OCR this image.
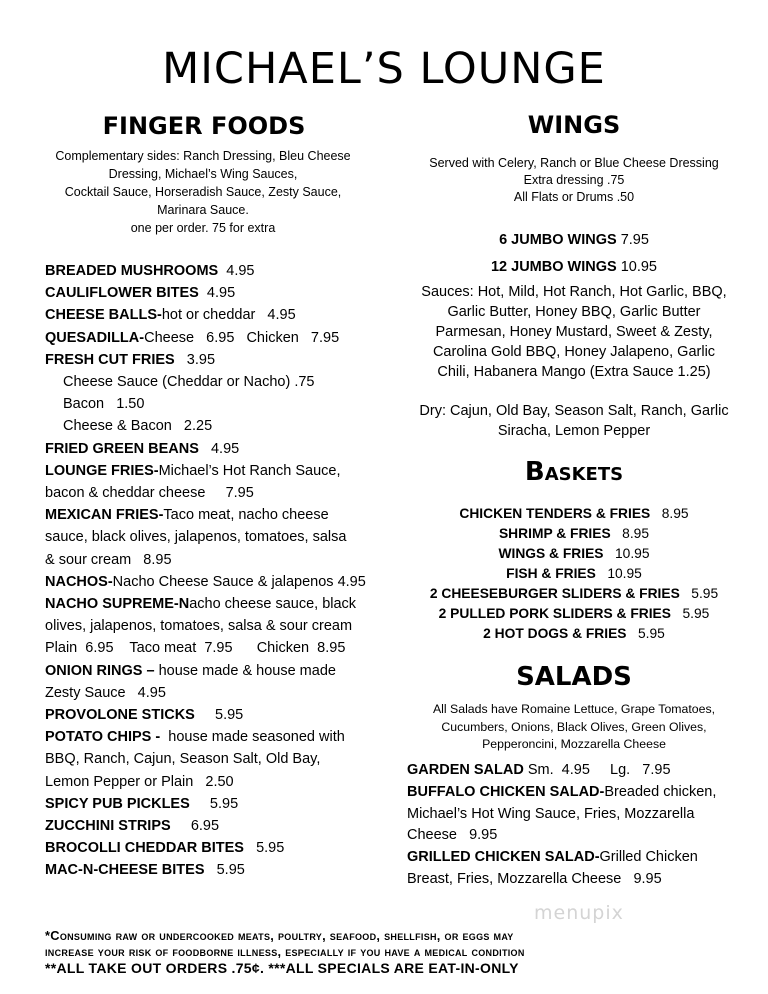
MICHAEL’S LOUNGE
FINGER FOODS
Complementary sides: Ranch Dressing, Bleu Cheese
Dressing, Michael’s Wing Sauces,
Cocktail Sauce, Horseradish Sauce, Zesty Sauce,
Marinara Sauce.
one per order. 75 for extra
BREADED MUSHROOMS  4.95
CAULIFLOWER BITES  4.95
CHEESE BALLS-hot or cheddar   4.95
QUESADILLA-Cheese   6.95   Chicken   7.95
FRESH CUT FRIES   3.95
Cheese Sauce (Cheddar or Nacho) .75
Bacon   1.50
Cheese & Bacon   2.25
FRIED GREEN BEANS   4.95
LOUNGE FRIES-Michael’s Hot Ranch Sauce,
bacon & cheddar cheese     7.95
MEXICAN FRIES-Taco meat, nacho cheese
sauce, black olives, jalapenos, tomatoes, salsa
& sour cream   8.95
NACHOS-Nacho Cheese Sauce & jalapenos 4.95
NACHO SUPREME-Nacho cheese sauce, black
olives, jalapenos, tomatoes, salsa & sour cream
Plain  6.95    Taco meat  7.95      Chicken  8.95
ONION RINGS – house made & house made
Zesty Sauce   4.95
PROVOLONE STICKS     5.95
POTATO CHIPS -  house made seasoned with
BBQ, Ranch, Cajun, Season Salt, Old Bay,
Lemon Pepper or Plain   2.50
SPICY PUB PICKLES     5.95
ZUCCHINI STRIPS     6.95
BROCOLLI CHEDDAR BITES   5.95
MAC-N-CHEESE BITES   5.95
WINGS
Served with Celery, Ranch or Blue Cheese Dressing
Extra dressing .75
All Flats or Drums .50
6 JUMBO WINGS 7.95
12 JUMBO WINGS 10.95
Sauces: Hot, Mild, Hot Ranch, Hot Garlic, BBQ,
Garlic Butter, Honey BBQ, Garlic Butter
Parmesan, Honey Mustard, Sweet & Zesty,
Carolina Gold BBQ, Honey Jalapeno, Garlic
Chili, Habanera Mango (Extra Sauce 1.25)
Dry: Cajun, Old Bay, Season Salt, Ranch, Garlic
Siracha, Lemon Pepper
Baskets
CHICKEN TENDERS & FRIES   8.95
SHRIMP & FRIES   8.95
WINGS & FRIES   10.95
FISH & FRIES   10.95
2 CHEESEBURGER SLIDERS & FRIES   5.95
2 PULLED PORK SLIDERS & FRIES   5.95
2 HOT DOGS & FRIES   5.95
SALADS
All Salads have Romaine Lettuce, Grape Tomatoes,
Cucumbers, Onions, Black Olives, Green Olives,
Pepperoncini, Mozzarella Cheese
GARDEN SALAD Sm.  4.95     Lg.   7.95
BUFFALO CHICKEN SALAD-Breaded chicken,
Michael’s Hot Wing Sauce, Fries, Mozzarella
Cheese   9.95
GRILLED CHICKEN SALAD-Grilled Chicken
Breast, Fries, Mozzarella Cheese   9.95
menupix
*Consuming raw or undercooked meats, poultry, seafood, shellfish, or eggs may
increase your risk of foodborne illness, especially if you have a medical condition
**ALL TAKE OUT ORDERS .75¢. ***ALL SPECIALS ARE EAT-IN-ONLY
